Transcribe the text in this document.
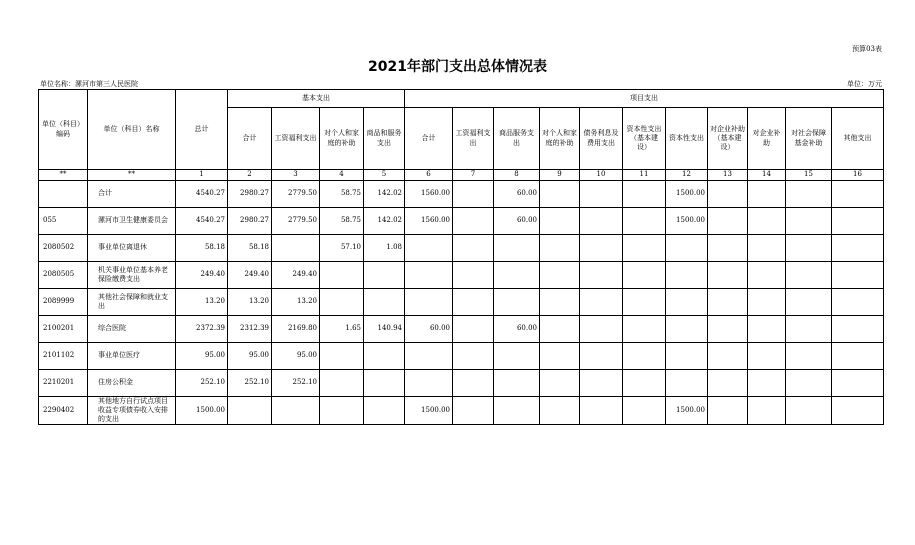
预算03表
2021年部门支出总体情况表
单位名称：漯河市第三人民医院	单位：万元
单位（科目）编码	单位（科目）名称	总计	基本支出				项目支出										
			合计	工资福利支出	对个人和家庭的补助	商品和服务支出	合计	工资福利支出	商品服务支出	对个人和家庭的补助	债务利息及费用支出	资本性支出（基本建设）	资本性支出	对企业补助（基本建设）	对企业补助	对社会保障基金补助	其他支出
**	**	1	2	3	4	5	6	7	8	9	10	11	12	13	14	15	16
	合计	4540.27	2980.27	2779.50	58.75	142.02	1560.00		60.00				1500.00				
055	漯河市卫生健康委员会	4540.27	2980.27	2779.50	58.75	142.02	1560.00		60.00				1500.00				
2080502	事业单位离退休	58.18	58.18		57.10	1.08											
2080505	机关事业单位基本养老保险缴费支出	249.40	249.40	249.40													
2089999	其他社会保障和就业支出	13.20	13.20	13.20													
2100201	综合医院	2372.39	2312.39	2169.80	1.65	140.94	60.00		60.00								
2101102	事业单位医疗	95.00	95.00	95.00													
2210201	住房公积金	252.10	252.10	252.10													
2290402	其他地方自行试点项目收益专项债券收入安排的支出	1500.00					1500.00						1500.00				
